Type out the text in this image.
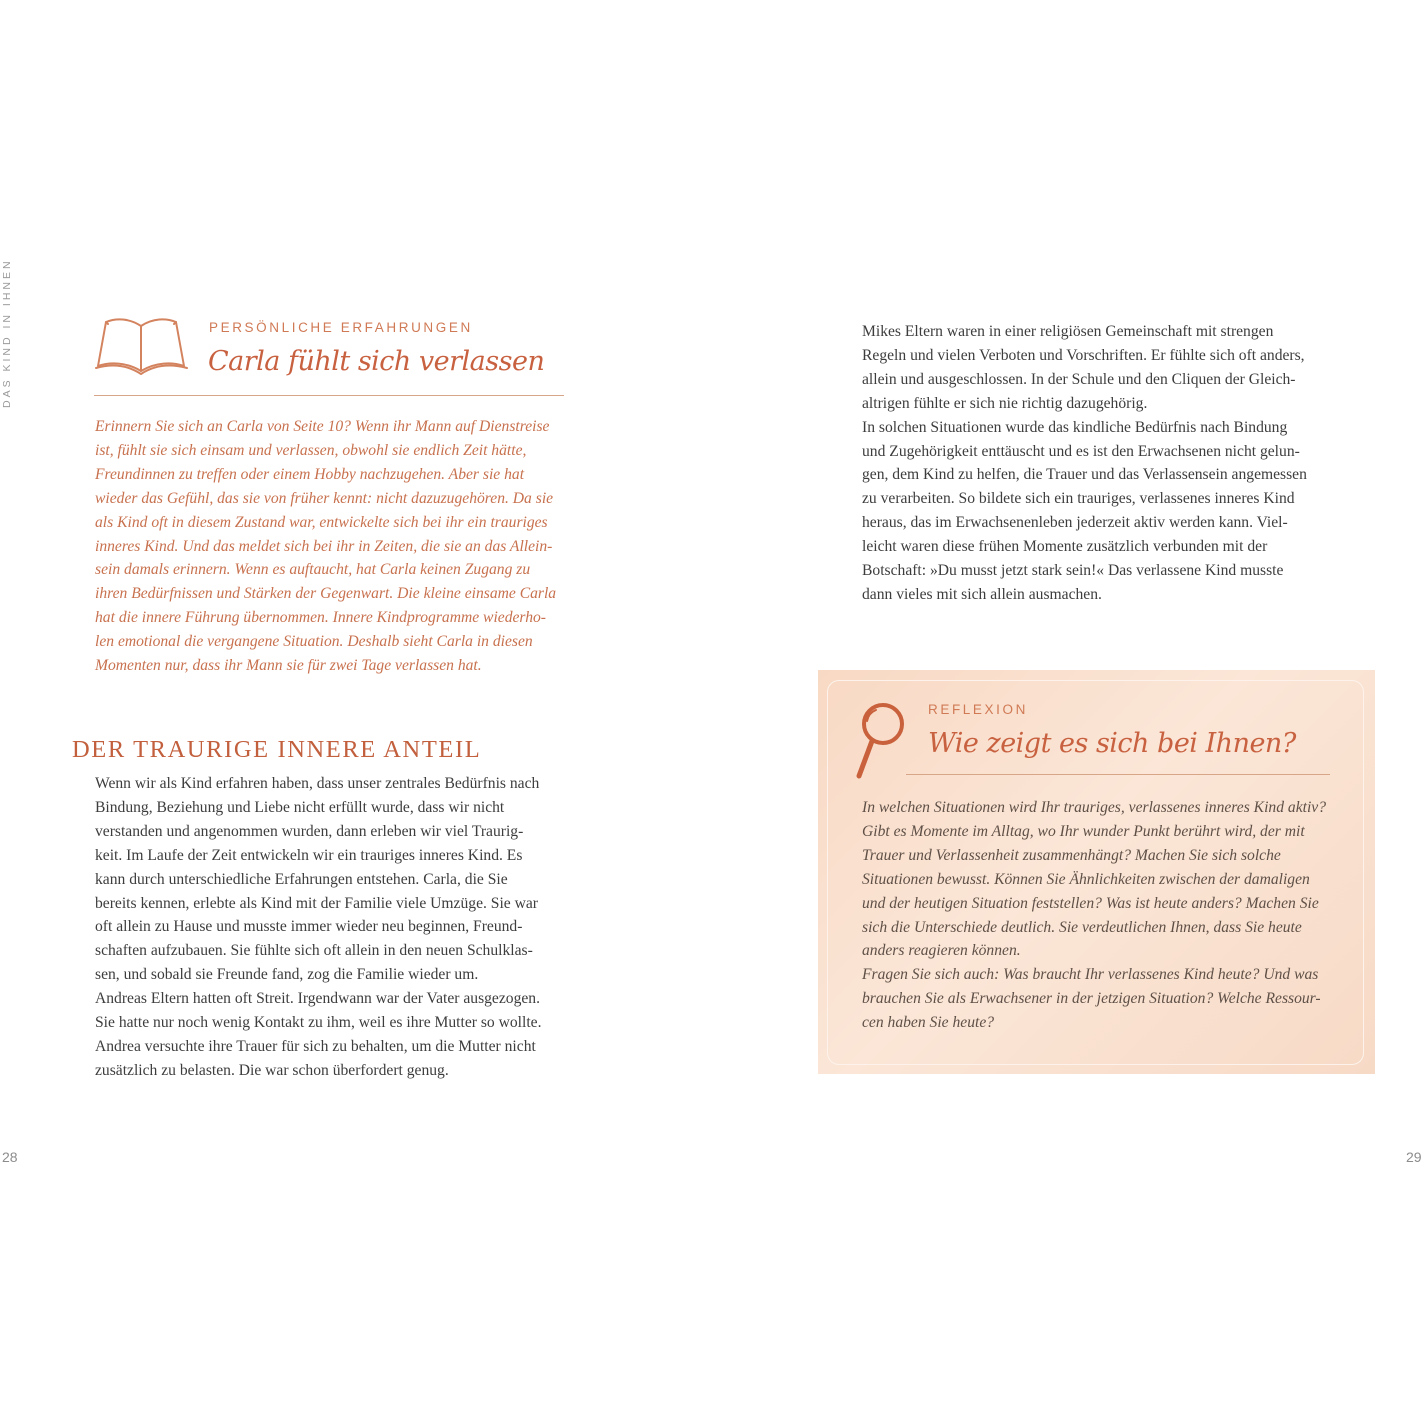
DAS KIND IN IHNEN
28	29
PERSÖNLICHE ERFAHRUNGEN
Carla fühlt sich verlassen

Erinnern Sie sich an Carla von Seite 10? Wenn ihr Mann auf Dienstreise

ist, fühlt sie sich einsam und verlassen, obwohl sie endlich Zeit hätte,

Freundinnen zu treffen oder einem Hobby nachzugehen. Aber sie hat

wieder das Gefühl, das sie von früher kennt: nicht dazuzugehören. Da sie

als Kind oft in diesem Zustand war, entwickelte sich bei ihr ein trauriges

inneres Kind. Und das meldet sich bei ihr in Zeiten, die sie an das Allein-

sein damals erinnern. Wenn es auftaucht, hat Carla keinen Zugang zu

ihren Bedürfnissen und Stärken der Gegenwart. Die kleine einsame Carla

hat die innere Führung übernommen. Innere Kindprogramme wiederho-

len emotional die vergangene Situation. Deshalb sieht Carla in diesen

Momenten nur, dass ihr Mann sie für zwei Tage verlassen hat.

DER TRAURIGE INNERE ANTEIL

Wenn wir als Kind erfahren haben, dass unser zentrales Bedürfnis nach

Bindung, Beziehung und Liebe nicht erfüllt wurde, dass wir nicht

verstanden und angenommen wurden, dann erleben wir viel Traurig-

keit. Im Laufe der Zeit entwickeln wir ein trauriges inneres Kind. Es

kann durch unterschiedliche Erfahrungen entstehen. Carla, die Sie

bereits kennen, erlebte als Kind mit der Familie viele Umzüge. Sie war

oft allein zu Hause und musste immer wieder neu beginnen, Freund-

schaften aufzubauen. Sie fühlte sich oft allein in den neuen Schulklas-

sen, und sobald sie Freunde fand, zog die Familie wieder um.

Andreas Eltern hatten oft Streit. Irgendwann war der Vater ausgezogen.

Sie hatte nur noch wenig Kontakt zu ihm, weil es ihre Mutter so wollte.

Andrea versuchte ihre Trauer für sich zu behalten, um die Mutter nicht

zusätzlich zu belasten. Die war schon überfordert genug.

Mikes Eltern waren in einer religiösen Gemeinschaft mit strengen

Regeln und vielen Verboten und Vorschriften. Er fühlte sich oft anders,

allein und ausgeschlossen. In der Schule und den Cliquen der Gleich-

altrigen fühlte er sich nie richtig dazugehörig.

In solchen Situationen wurde das kindliche Bedürfnis nach Bindung

und Zugehörigkeit enttäuscht und es ist den Erwachsenen nicht gelun-

gen, dem Kind zu helfen, die Trauer und das Verlassensein angemessen

zu verarbeiten. So bildete sich ein trauriges, verlassenes inneres Kind

heraus, das im Erwachsenenleben jederzeit aktiv werden kann. Viel-

leicht waren diese frühen Momente zusätzlich verbunden mit der

Botschaft: »Du musst jetzt stark sein!« Das verlassene Kind musste

dann vieles mit sich allein ausmachen.

REFLEXION
Wie zeigt es sich bei Ihnen?

In welchen Situationen wird Ihr trauriges, verlassenes inneres Kind aktiv?

Gibt es Momente im Alltag, wo Ihr wunder Punkt berührt wird, der mit

Trauer und Verlassenheit zusammenhängt? Machen Sie sich solche

Situationen bewusst. Können Sie Ähnlichkeiten zwischen der damaligen

und der heutigen Situation feststellen? Was ist heute anders? Machen Sie

sich die Unterschiede deutlich. Sie verdeutlichen Ihnen, dass Sie heute

anders reagieren können.

Fragen Sie sich auch: Was braucht Ihr verlassenes Kind heute? Und was

brauchen Sie als Erwachsener in der jetzigen Situation? Welche Ressour-

cen haben Sie heute?
